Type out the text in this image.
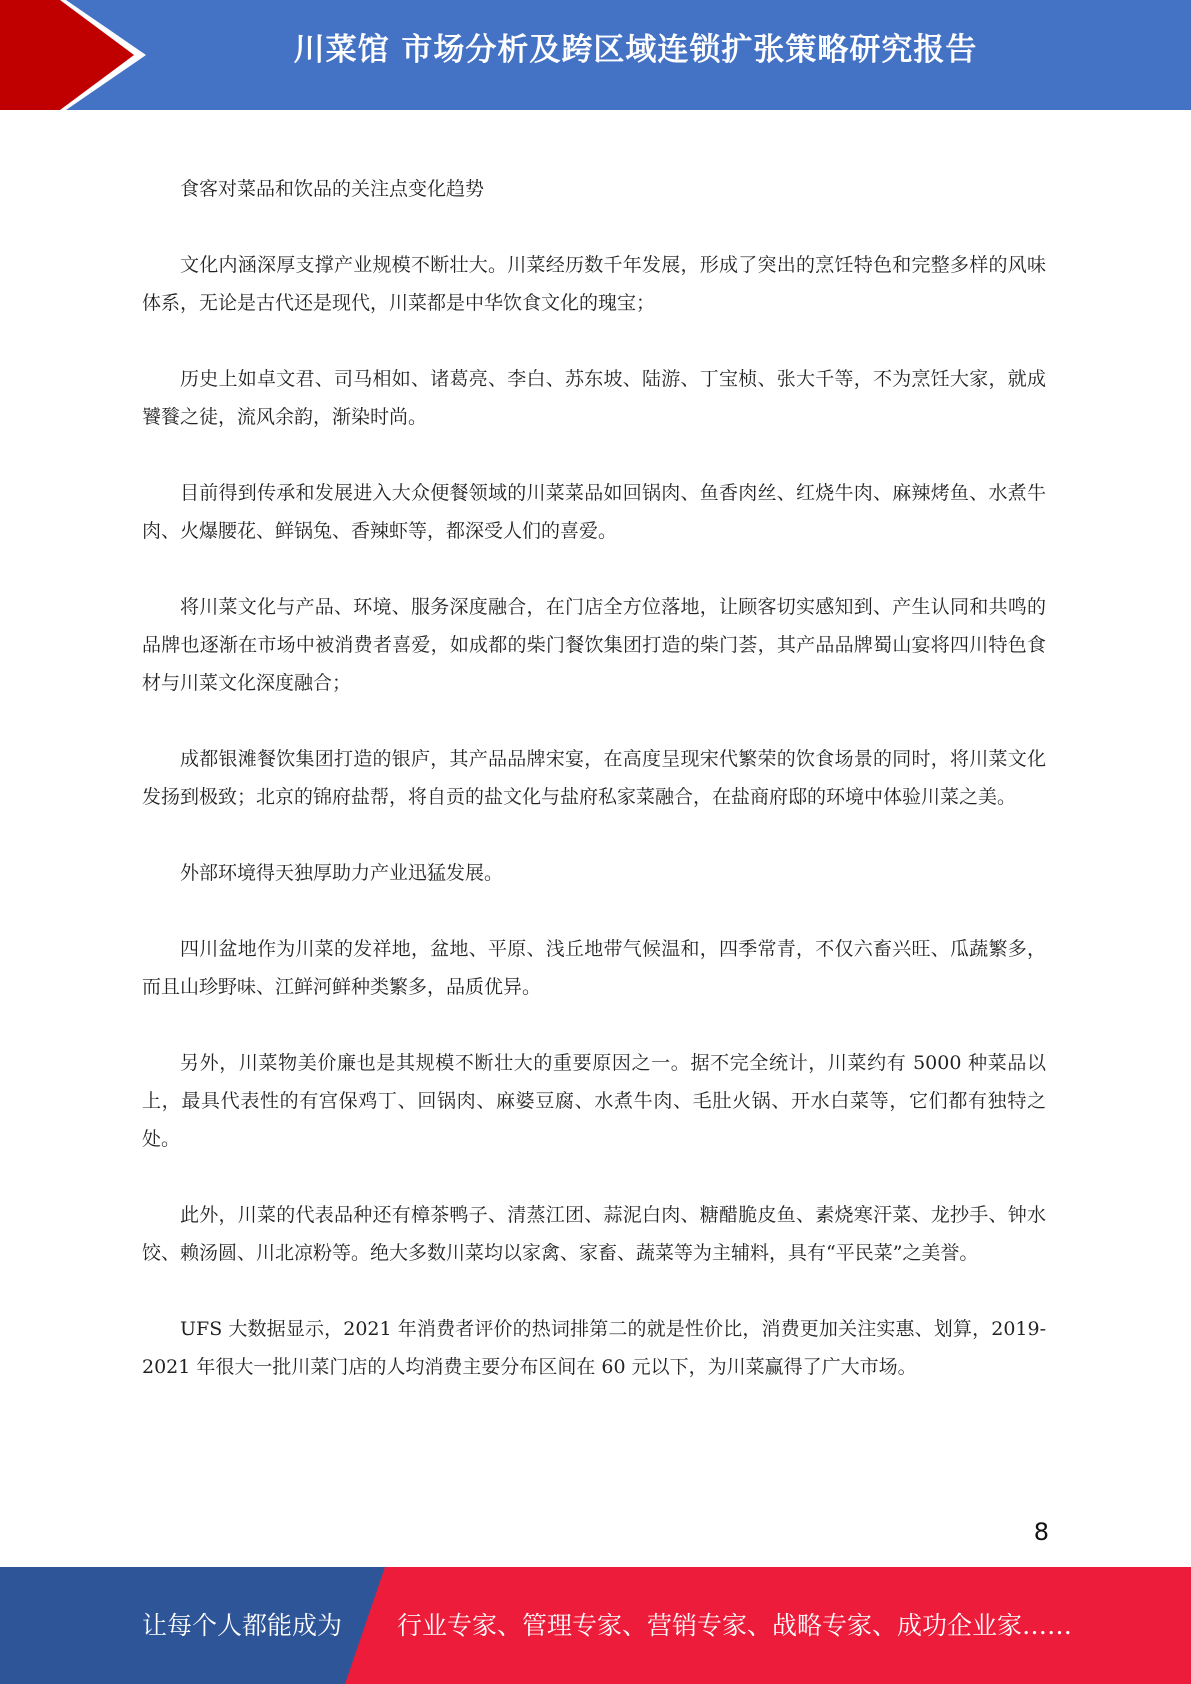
川菜馆 市场分析及跨区域连锁扩张策略研究报告

食客对菜品和饮品的关注点变化趋势

文化内涵深厚支撑产业规模不断壮大。川菜经历数千年发展，形成了突出的烹饪特色和完整多样的风味体系，无论是古代还是现代，川菜都是中华饮食文化的瑰宝；

历史上如卓文君、司马相如、诸葛亮、李白、苏东坡、陆游、丁宝桢、张大千等，不为烹饪大家，就成饕餮之徒，流风余韵，渐染时尚。

目前得到传承和发展进入大众便餐领域的川菜菜品如回锅肉、鱼香肉丝、红烧牛肉、麻辣烤鱼、水煮牛肉、火爆腰花、鲜锅兔、香辣虾等，都深受人们的喜爱。

将川菜文化与产品、环境、服务深度融合，在门店全方位落地，让顾客切实感知到、产生认同和共鸣的品牌也逐渐在市场中被消费者喜爱，如成都的柴门餐饮集团打造的柴门荟，其产品品牌蜀山宴将四川特色食材与川菜文化深度融合；

成都银滩餐饮集团打造的银庐，其产品品牌宋宴，在高度呈现宋代繁荣的饮食场景的同时，将川菜文化发扬到极致；北京的锦府盐帮，将自贡的盐文化与盐府私家菜融合，在盐商府邸的环境中体验川菜之美。

外部环境得天独厚助力产业迅猛发展。

四川盆地作为川菜的发祥地，盆地、平原、浅丘地带气候温和，四季常青，不仅六畜兴旺、瓜蔬繁多，而且山珍野味、江鲜河鲜种类繁多，品质优异。

另外，川菜物美价廉也是其规模不断壮大的重要原因之一。据不完全统计，川菜约有 5000 种菜品以上，最具代表性的有宫保鸡丁、回锅肉、麻婆豆腐、水煮牛肉、毛肚火锅、开水白菜等，它们都有独特之处。

此外，川菜的代表品种还有樟茶鸭子、清蒸江团、蒜泥白肉、糖醋脆皮鱼、素烧寒汗菜、龙抄手、钟水饺、赖汤圆、川北凉粉等。绝大多数川菜均以家禽、家畜、蔬菜等为主辅料，具有“平民菜”之美誉。

UFS 大数据显示，2021 年消费者评价的热词排第二的就是性价比，消费更加关注实惠、划算，2019-2021 年很大一批川菜门店的人均消费主要分布区间在 60 元以下，为川菜赢得了广大市场。

8
让每个人都能成为 行业专家、管理专家、营销专家、战略专家、成功企业家……
